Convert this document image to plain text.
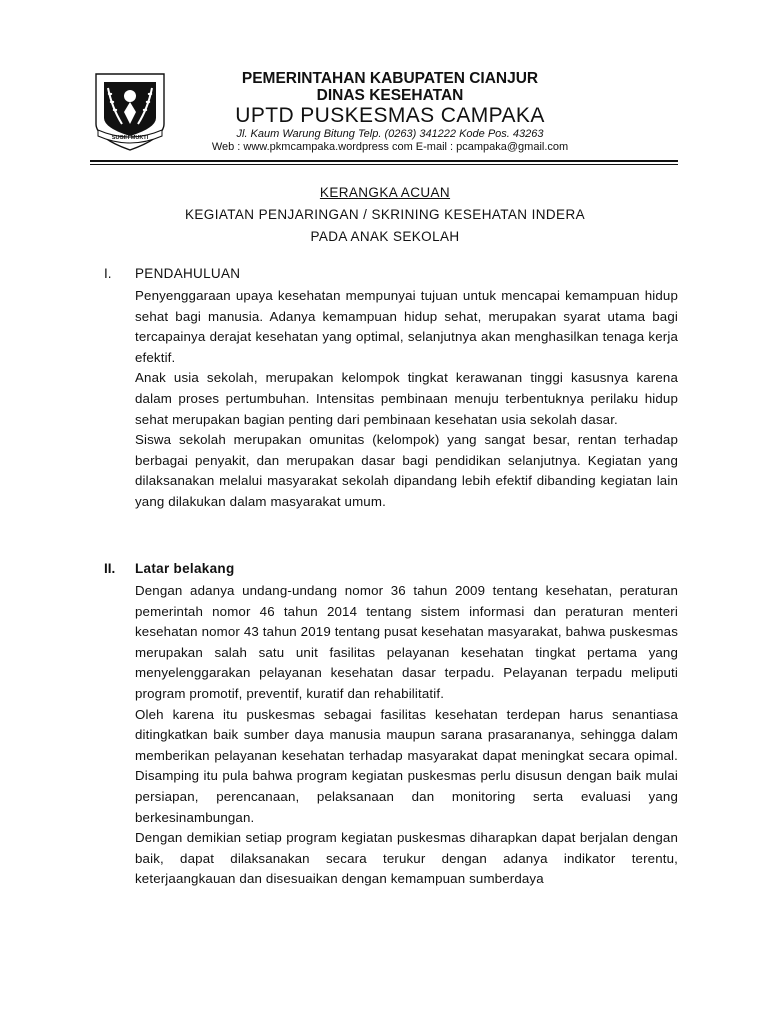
SUGIH MUKTI
PEMERINTAHAN KABUPATEN CIANJUR
DINAS KESEHATAN
UPTD PUSKESMAS CAMPAKA
Jl. Kaum Warung Bitung Telp. (0263) 341222 Kode Pos. 43263
Web : www.pkmcampaka.wordpress com E-mail : pcampaka@gmail.com
KERANGKA ACUAN
KEGIATAN PENJARINGAN / SKRINING KESEHATAN INDERA
PADA ANAK SEKOLAH
I. PENDAHULUAN

Penyenggaraan upaya kesehatan mempunyai tujuan untuk mencapai kemampuan hidup sehat bagi manusia. Adanya kemampuan hidup sehat, merupakan syarat utama bagi tercapainya derajat kesehatan yang optimal, selanjutnya akan menghasilkan tenaga kerja efektif.

Anak usia sekolah, merupakan kelompok tingkat kerawanan tinggi kasusnya karena dalam proses pertumbuhan. Intensitas pembinaan menuju terbentuknya perilaku hidup sehat merupakan bagian penting dari pembinaan kesehatan usia sekolah dasar.

Siswa sekolah merupakan omunitas (kelompok) yang sangat besar, rentan terhadap berbagai penyakit, dan merupakan dasar bagi pendidikan selanjutnya. Kegiatan yang dilaksanakan melalui masyarakat sekolah dipandang lebih efektif dibanding kegiatan lain yang dilakukan dalam masyarakat umum.

II. Latar belakang

Dengan adanya undang-undang nomor 36 tahun 2009 tentang kesehatan, peraturan pemerintah nomor 46 tahun 2014 tentang sistem informasi dan peraturan menteri kesehatan nomor 43 tahun 2019 tentang pusat kesehatan masyarakat, bahwa puskesmas merupakan salah satu unit fasilitas pelayanan kesehatan tingkat pertama yang menyelenggarakan pelayanan kesehatan dasar terpadu. Pelayanan terpadu meliputi program promotif, preventif, kuratif dan rehabilitatif.

Oleh karena itu puskesmas sebagai fasilitas kesehatan terdepan harus senantiasa ditingkatkan baik sumber daya manusia maupun sarana prasarananya, sehingga dalam memberikan pelayanan kesehatan terhadap masyarakat dapat meningkat secara opimal. Disamping itu pula bahwa program kegiatan puskesmas perlu disusun dengan baik mulai persiapan, perencanaan, pelaksanaan dan monitoring serta evaluasi yang berkesinambungan.

Dengan demikian setiap program kegiatan puskesmas diharapkan dapat berjalan dengan baik, dapat dilaksanakan secara terukur dengan adanya indikator terentu, keterjaangkauan dan disesuaikan dengan kemampuan sumberdaya
